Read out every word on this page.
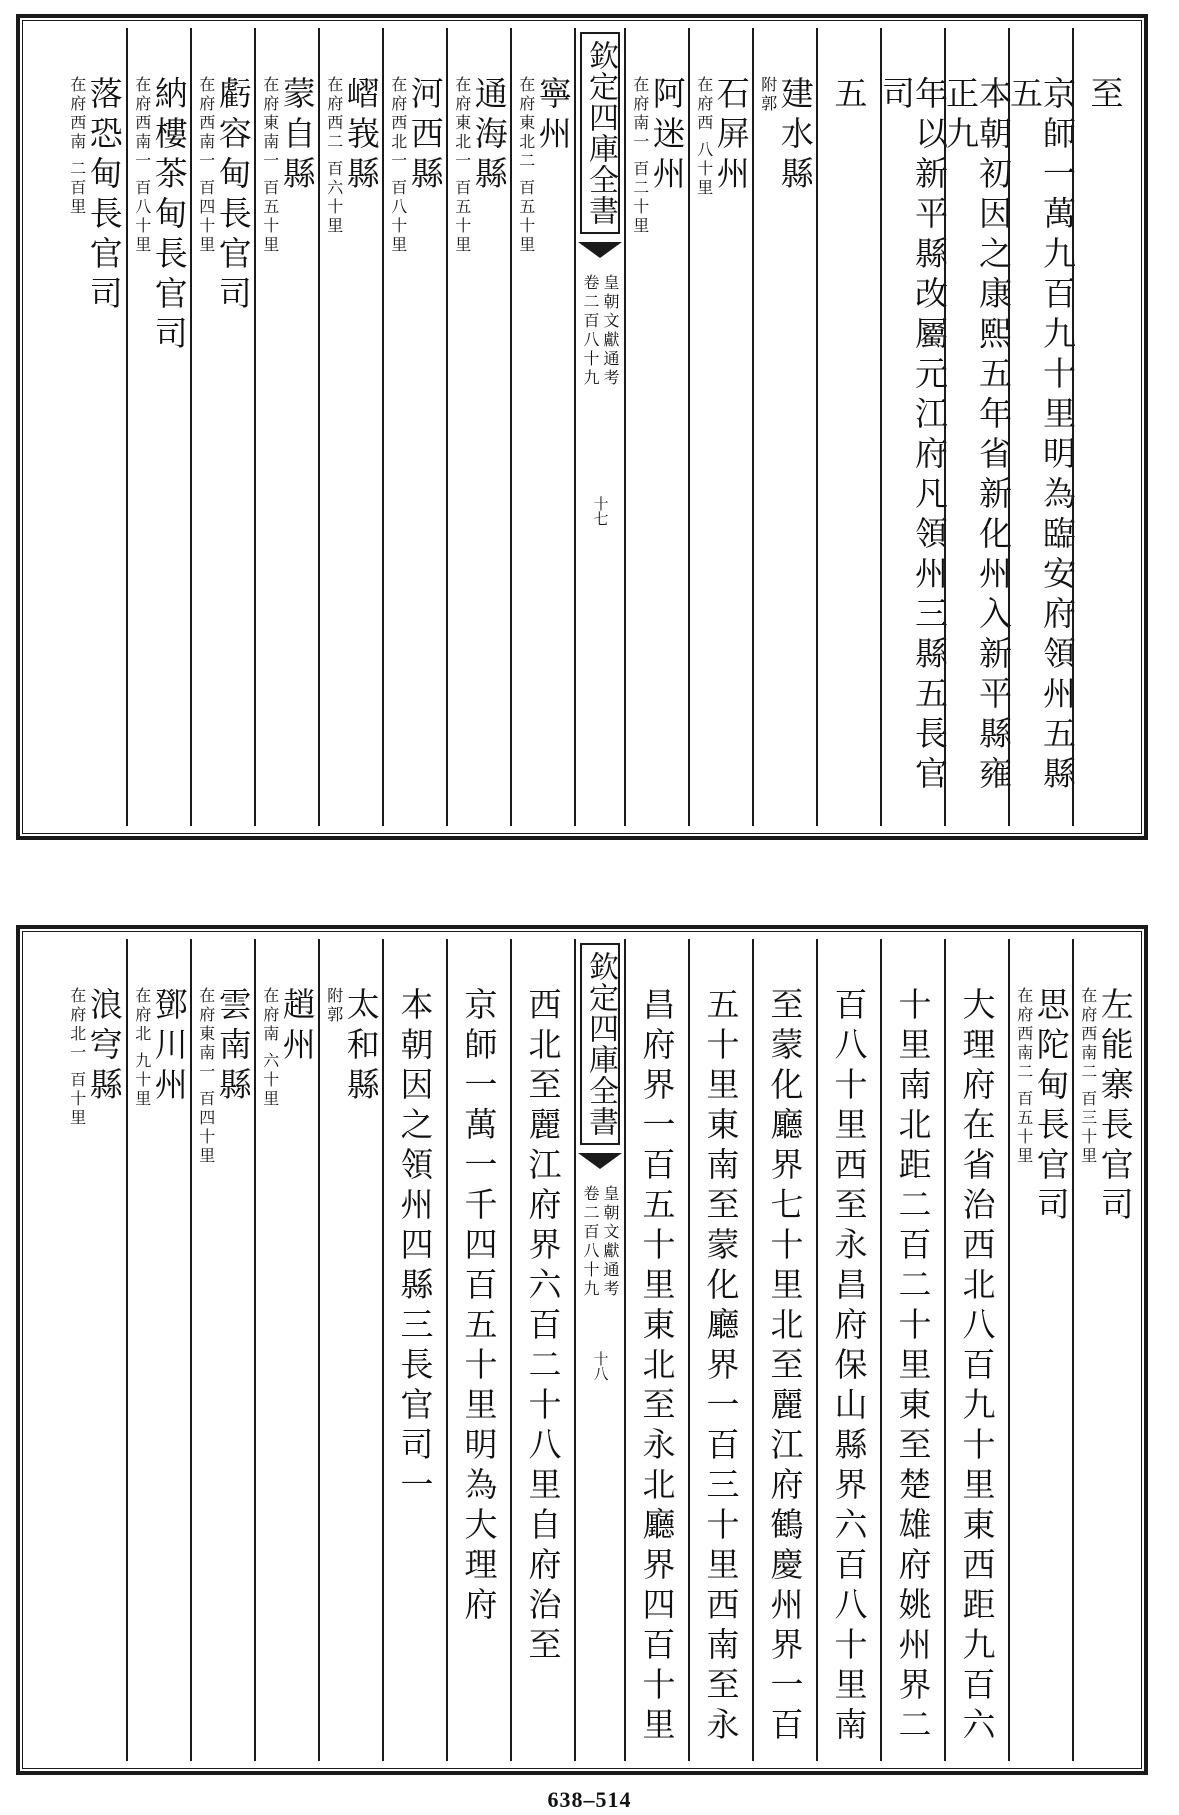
至
京師一萬九百九十里明為臨安府領州五縣五
本朝初因之康熙五年省新化州入新平縣雍正九
年以新平縣改屬元江府凡領州三縣五長官司
五
建水縣
附郭
石屏州
在府西 八十里
阿迷州
在府南一 百二十里
欽定四庫全書
皇朝文獻通考
卷二百八十九
十七
寧州
在府東北二 百五十里
通海縣
在府東北一 百五十里
河西縣
在府西北一 百八十里
嶍峩縣
在府西二 百六十里
蒙自縣
在府東南一 百五十里
虧容甸長官司
在府西南一 百四十里
納樓茶甸長官司
在府西南一 百八十里
落恐甸長官司
在府西南 二百里
左能寨長官司
在府西南二 百三十里
思陀甸長官司
在府西南二 百五十里
大理府在省治西北八百九十里東西距九百六
十里南北距二百二十里東至楚雄府姚州界二
百八十里西至永昌府保山縣界六百八十里南
至蒙化廳界七十里北至麗江府鶴慶州界一百
五十里東南至蒙化廳界一百三十里西南至永
昌府界一百五十里東北至永北廳界四百十里
欽定四庫全書
皇朝文獻通考
卷二百八十九
十八
西北至麗江府界六百二十八里自府治至
京師一萬一千四百五十里明為大理府
本朝因之領州四縣三長官司一
太和縣
附郭
趙州
在府南 六十里
雲南縣
在府東南一 百四十里
鄧川州
在府北 九十里
浪穹縣
在府北一 百十里
638–514
